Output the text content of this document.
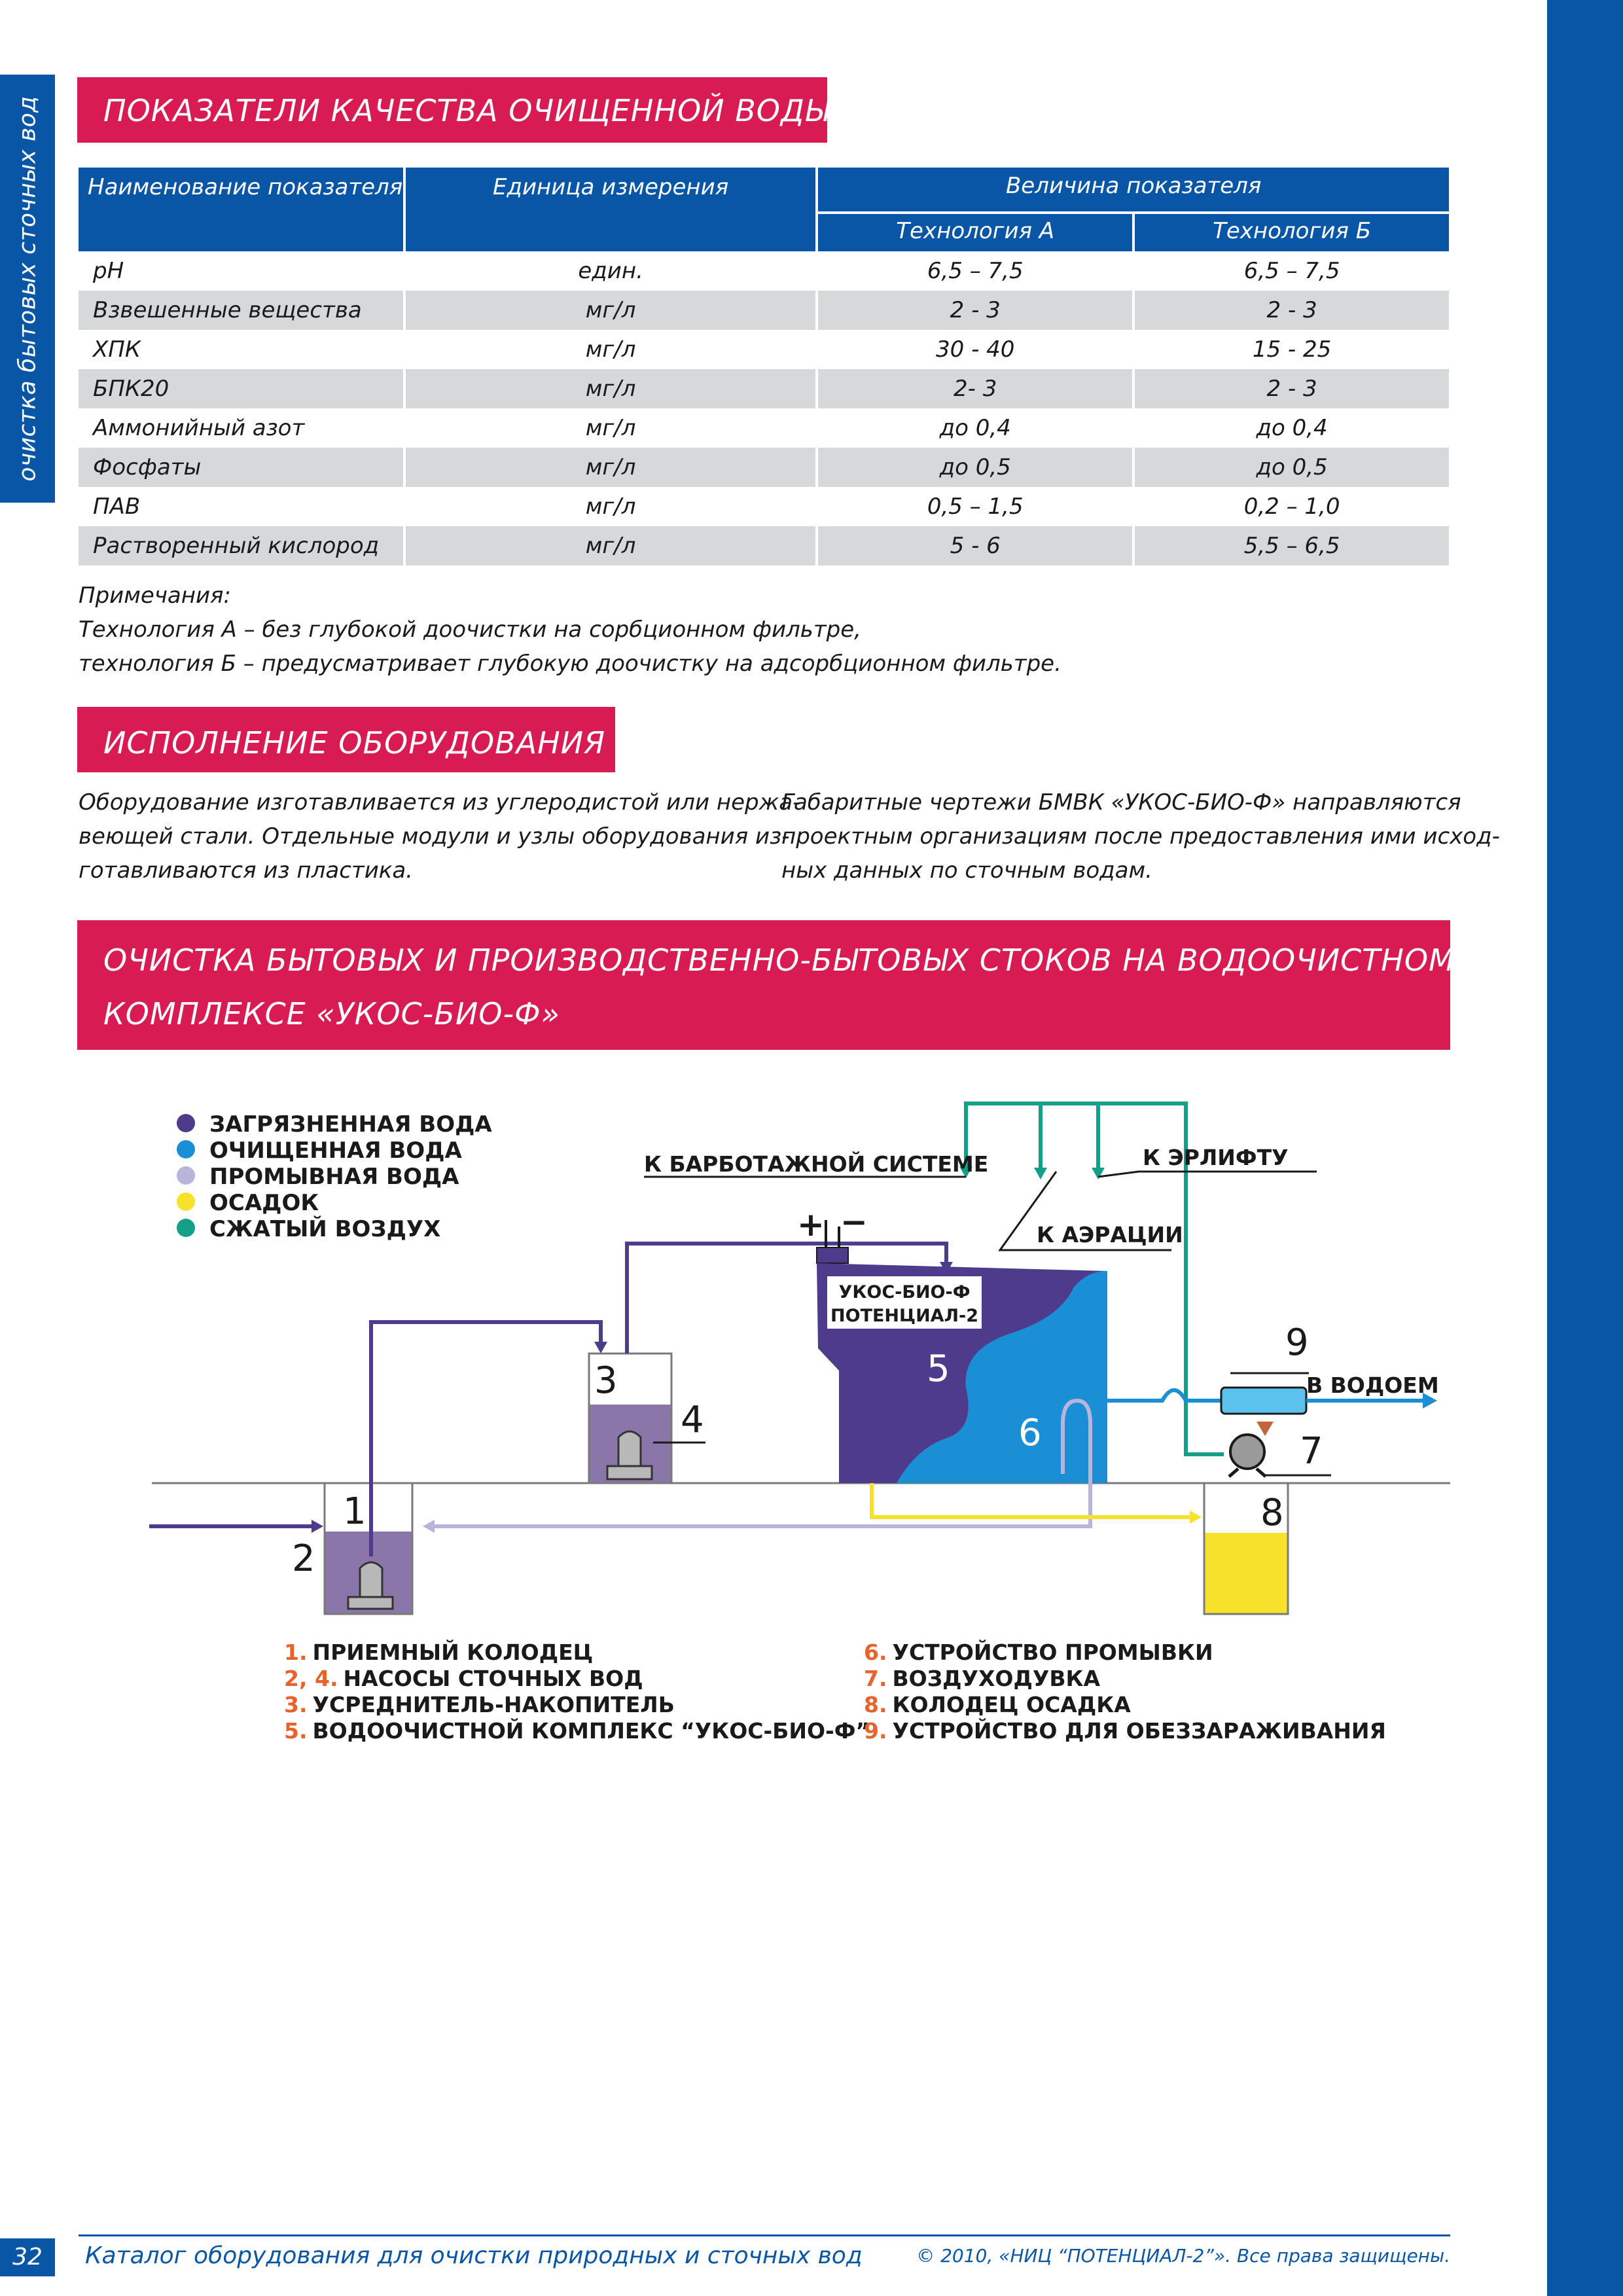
очистка бытовых сточных вод ПОКАЗАТЕЛИ КАЧЕСТВА ОЧИЩЕННОЙ ВОДЫ
Наименование показателя	Единица измерения	Величина показателя	
		Технология А	Технология Б
pH	един.	6,5 – 7,5	6,5 – 7,5
Взвешенные вещества	мг/л	2 - 3	2 - 3
ХПК	мг/л	30 - 40	15 - 25
БПК20	мг/л	2- 3	2 - 3
Аммонийный азот	мг/л	до 0,4	до 0,4
Фосфаты	мг/л	до 0,5	до 0,5
ПАВ	мг/л	0,5 – 1,5	0,2 – 1,0
Растворенный кислород	мг/л	5 - 6	5,5 – 6,5
Примечания:
Технология А – без глубокой доочистки на сорбционном фильтре,
технология Б – предусматривает глубокую доочистку на адсорбционном фильтре.
ИСПОЛНЕНИЕ ОБОРУДОВАНИЯ
Оборудование изготавливается из углеродистой или нержа-
веющей стали. Отдельные модули и узлы оборудования из-
готавливаются из пластика.
Габаритные чертежи БМВК «УКОС-БИО-Ф» направляются
проектным организациям после предоставления ими исход-
ных данных по сточным водам.
ОЧИСТКА БЫТОВЫХ И ПРОИЗВОДСТВЕННО-БЫТОВЫХ СТОКОВ НА ВОДООЧИСТНОМ
КОМПЛЕКСЕ «УКОС-БИО-Ф»
ЗАГРЯЗНЕННАЯ ВОДА
ОЧИЩЕННАЯ ВОДА
ПРОМЫВНАЯ ВОДА
ОСАДОК
СЖАТЫЙ ВОЗДУХ	+ −
УКОС-БИО-Ф
ПОТЕНЦИАЛ-2
К БАРБОТАЖНОЙ СИСТЕМЕ
К АЭРАЦИИ
К ЭРЛИФТУ
В ВОДОЕМ
1
2
3
4
5
6	7
8
9
1. ПРИЕМНЫЙ КОЛОДЕЦ
2, 4. НАСОСЫ СТОЧНЫХ ВОД
3. УСРЕДНИТЕЛЬ-НАКОПИТЕЛЬ
5. ВОДООЧИСТНОЙ КОМПЛЕКС “УКОС-БИО-Ф”
6. УСТРОЙСТВО ПРОМЫВКИ
7. ВОЗДУХОДУВКА
8. КОЛОДЕЦ ОСАДКА
9. УСТРОЙСТВО ДЛЯ ОБЕЗЗАРАЖИВАНИЯ
32	Каталог оборудования для очистки природных и сточных вод	© 2010, «НИЦ “ПОТЕНЦИАЛ-2”». Все права защищены.
